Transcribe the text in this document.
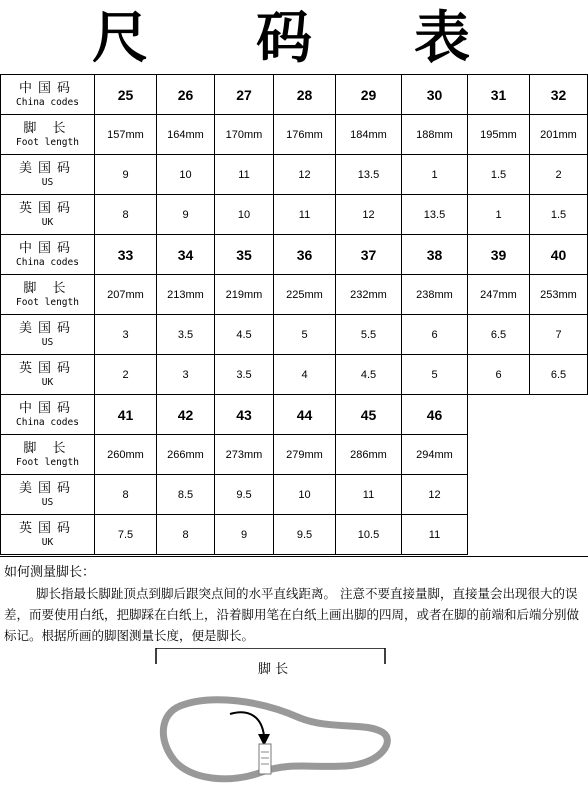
尺 码 表
中国码
China codes	25	26	27	28	29	30	31	32

脚 长
Foot length	157mm	164mm	170mm	176mm	184mm	188mm	195mm	201mm

美国码
US	9	10	11	12	13.5	1	1.5	2

英国码
UK	8	9	10	11	12	13.5	1	1.5

中国码
China codes	33	34	35	36	37	38	39	40

脚 长
Foot length	207mm	213mm	219mm	225mm	232mm	238mm	247mm	253mm

美国码
US	3	3.5	4.5	5	5.5	6	6.5	7

英国码
UK	2	3	3.5	4	4.5	5	6	6.5

中国码
China codes	41	42	43	44	45	46		

脚 长
Foot length	260mm	266mm	273mm	279mm	286mm	294mm		

美国码
US	8	8.5	9.5	10	11	12		

英国码
UK	7.5	8	9	9.5	10.5	11		
如何测量脚长：
脚长指最长脚趾顶点到脚后跟突点间的水平直线距离。 注意不要直接量脚，直接量会出现很大的误差，而要使用白纸，把脚踩在白纸上，沿着脚用笔在白纸上画出脚的四周，或者在脚的前端和后端分别做标记。根据所画的脚图测量长度，便是脚长。
脚 长
